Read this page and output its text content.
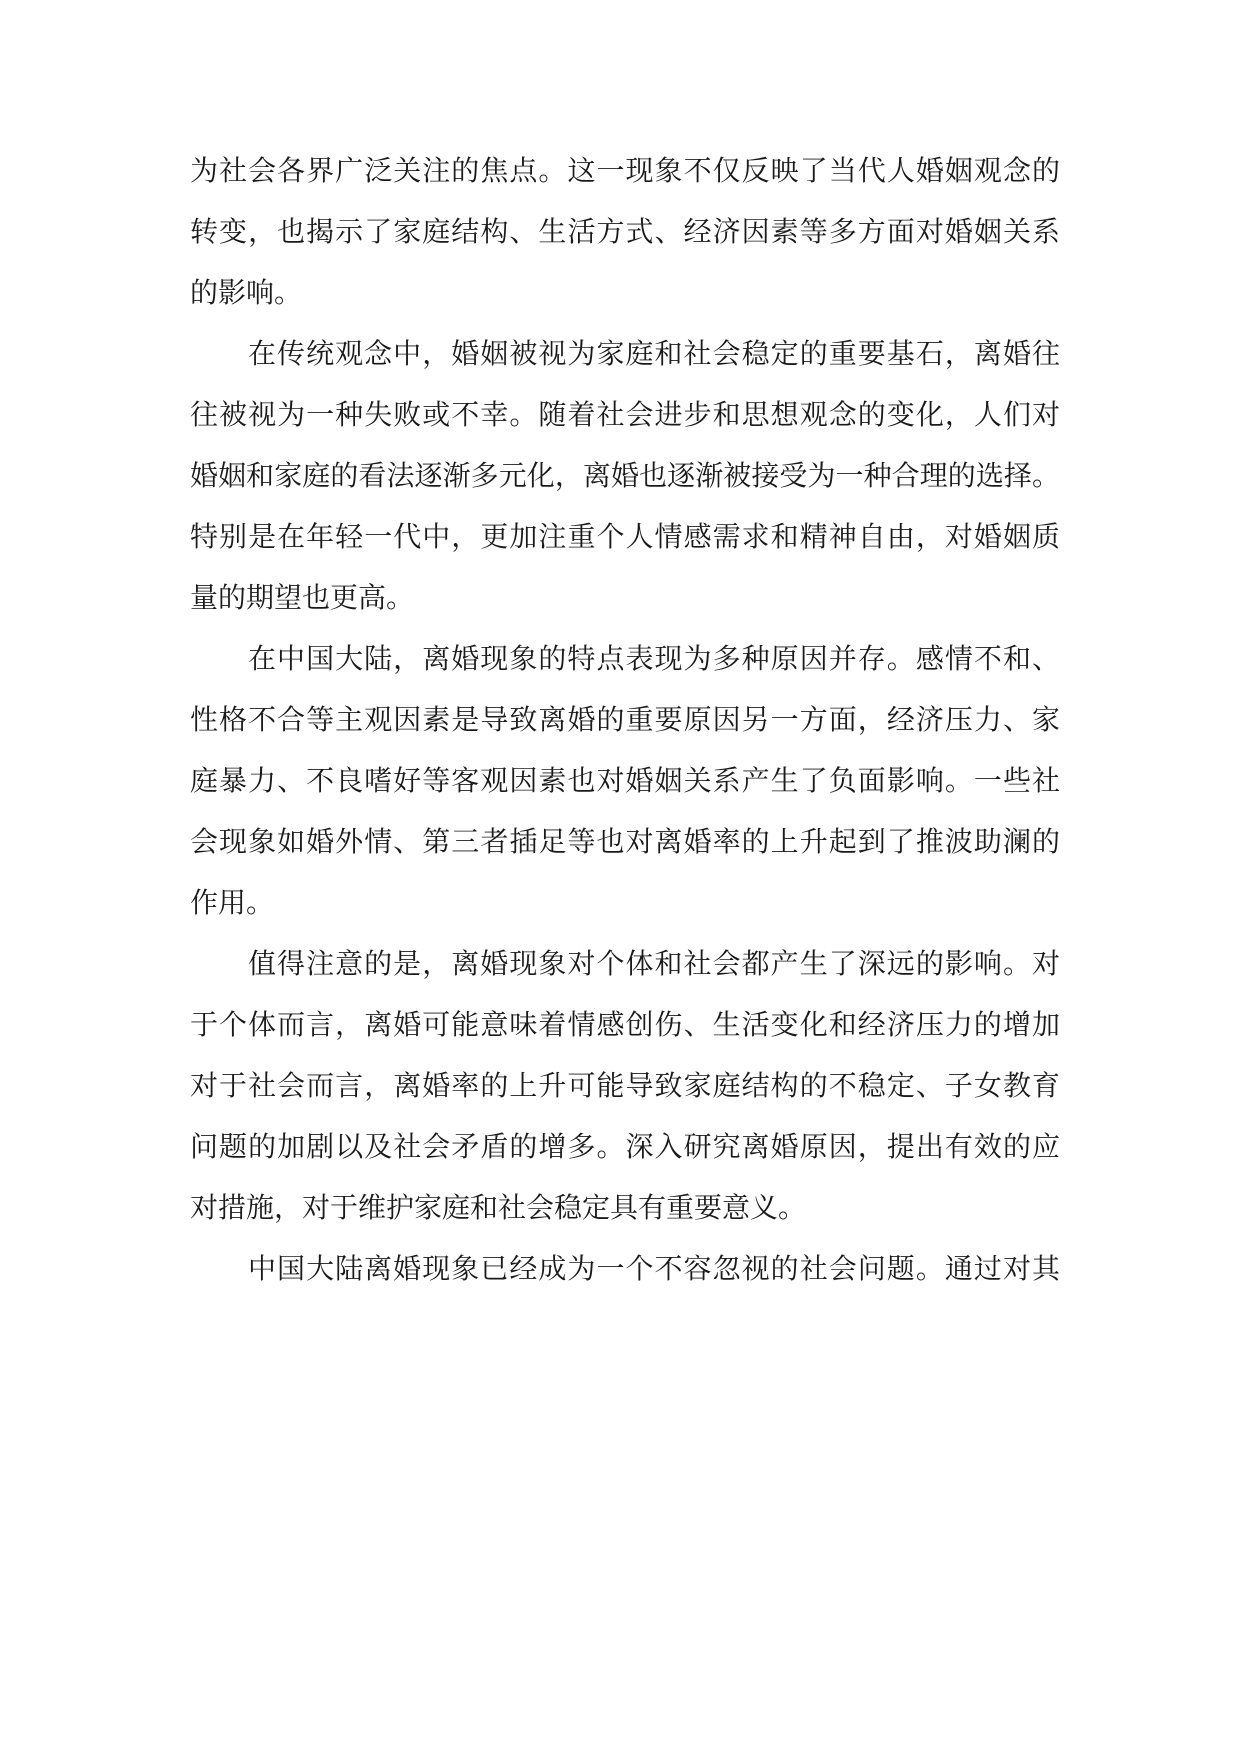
为社会各界广泛关注的焦点。这一现象不仅反映了当代人婚姻观念的
转变，也揭示了家庭结构、生活方式、经济因素等多方面对婚姻关系
的影响。
在传统观念中，婚姻被视为家庭和社会稳定的重要基石，离婚往
往被视为一种失败或不幸。随着社会进步和思想观念的变化，人们对
婚姻和家庭的看法逐渐多元化，离婚也逐渐被接受为一种合理的选择。
特别是在年轻一代中，更加注重个人情感需求和精神自由，对婚姻质
量的期望也更高。
在中国大陆，离婚现象的特点表现为多种原因并存。感情不和、
性格不合等主观因素是导致离婚的重要原因另一方面，经济压力、家
庭暴力、不良嗜好等客观因素也对婚姻关系产生了负面影响。一些社
会现象如婚外情、第三者插足等也对离婚率的上升起到了推波助澜的
作用。
值得注意的是，离婚现象对个体和社会都产生了深远的影响。对
于个体而言，离婚可能意味着情感创伤、生活变化和经济压力的增加
对于社会而言，离婚率的上升可能导致家庭结构的不稳定、子女教育
问题的加剧以及社会矛盾的增多。深入研究离婚原因，提出有效的应
对措施，对于维护家庭和社会稳定具有重要意义。
中国大陆离婚现象已经成为一个不容忽视的社会问题。通过对其
